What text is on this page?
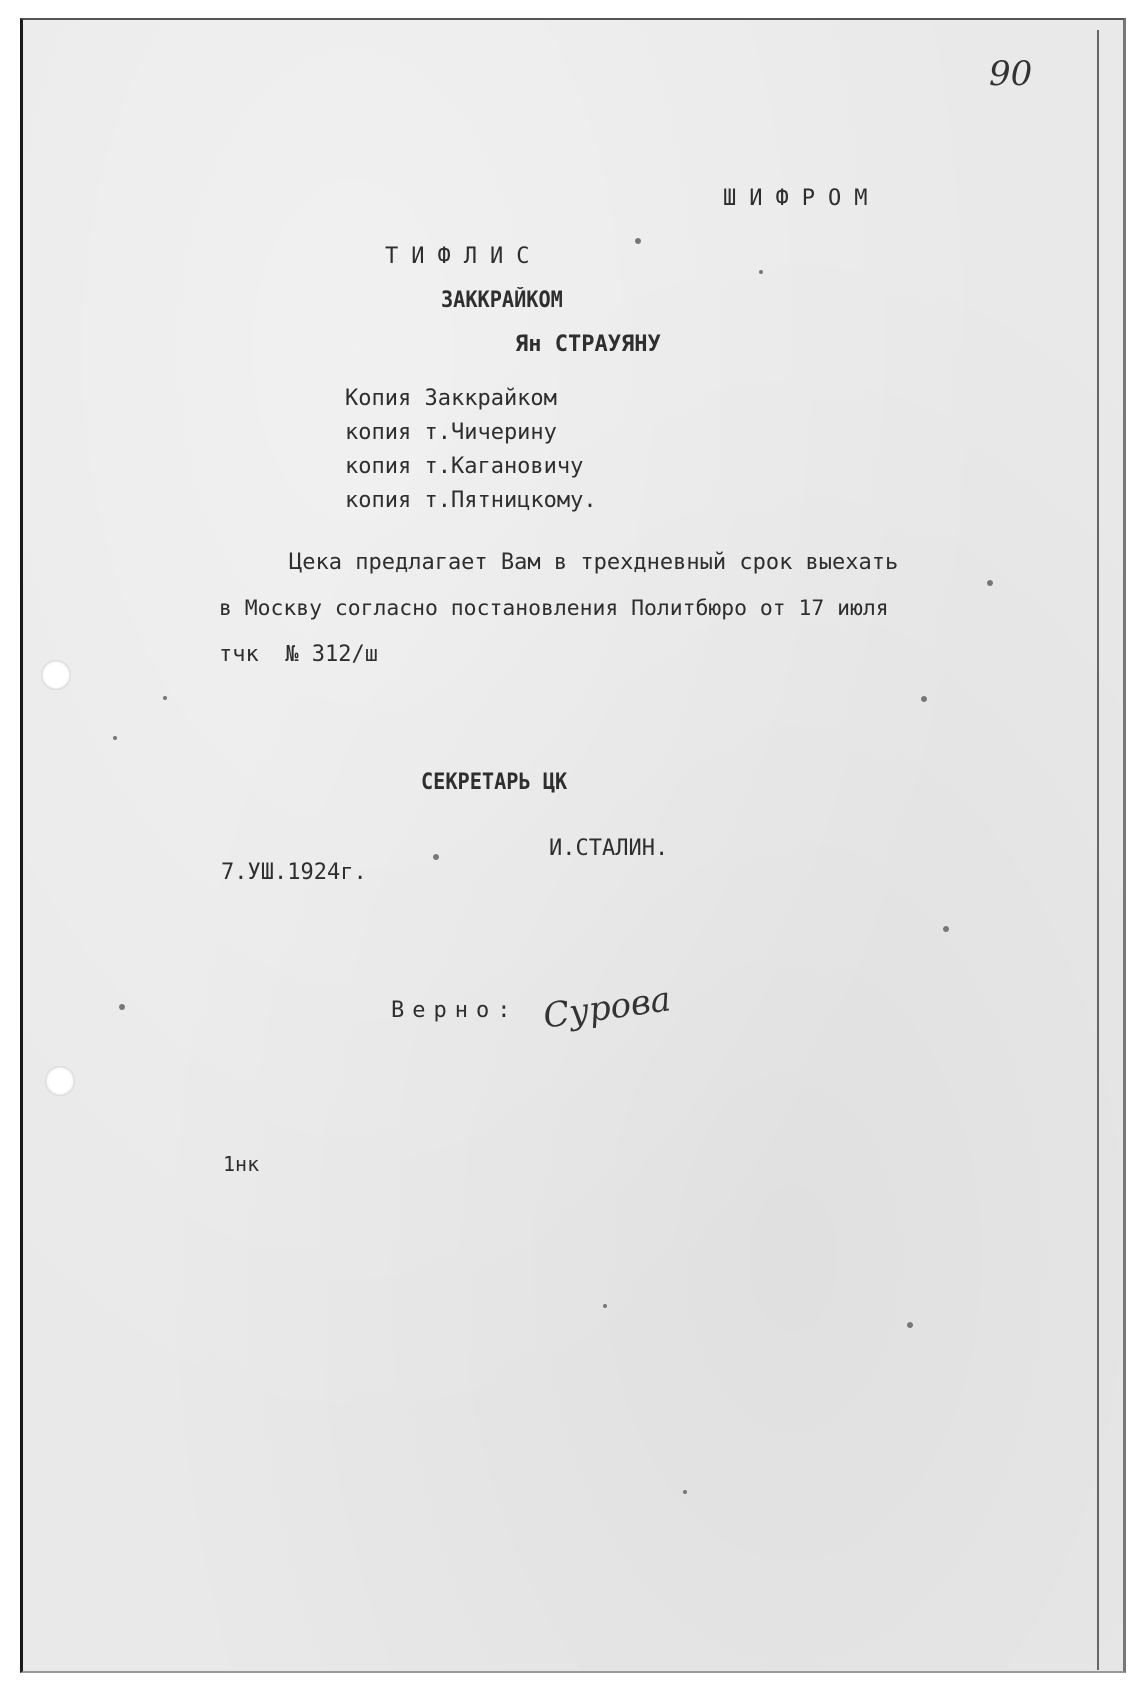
90
ШИФРОМ
ТИФЛИС
ЗАККРАЙКОМ
Ян СТРАУЯНУ
Копия Заккрайком
копия т.Чичерину
копия т.Кагановичу
копия т.Пятницкому.
Цека предлагает Вам в трехдневный срок выехать
в Москву согласно постановления Политбюро от 17 июля
тчк  № 312/ш
СЕКРЕТАРЬ ЦК
И.СТАЛИН.
7.УШ.1924г.
Верно: Сурова
1нк
